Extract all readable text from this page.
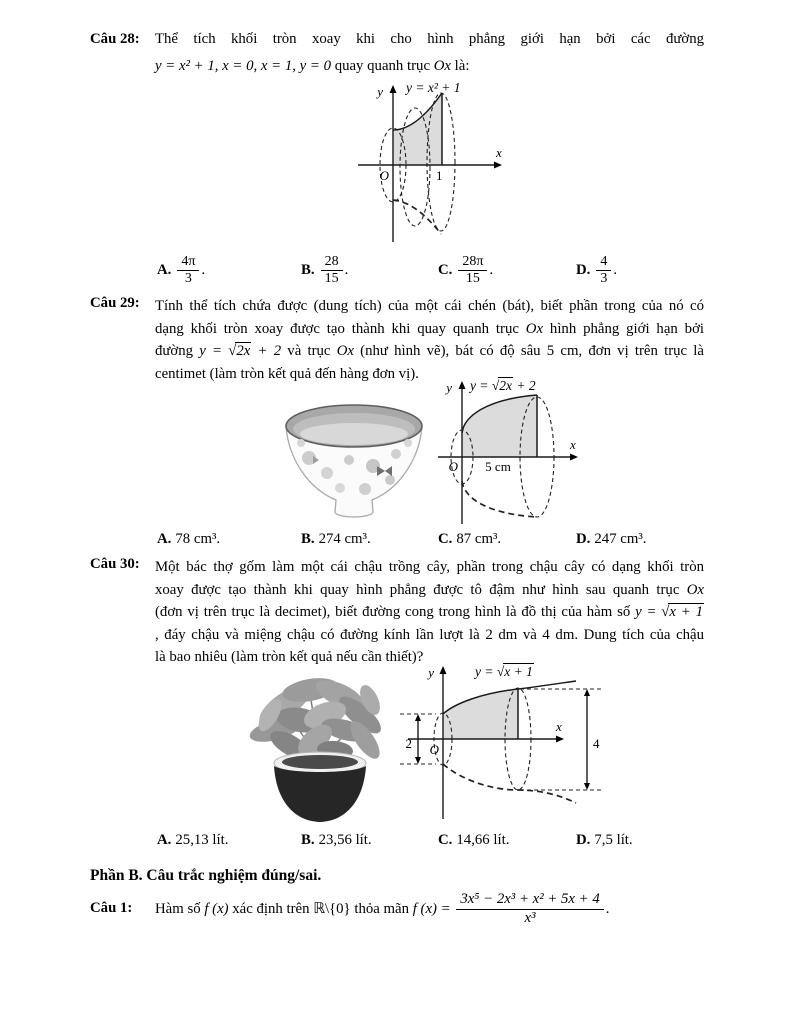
Câu 28: Thể tích khối tròn xoay khi cho hình phẳng giới hạn bởi các đường
y = x² + 1, x = 0, x = 1, y = 0 quay quanh trục Ox là:
y
x
O	1
y = x² + 1
A. $\frac{4\pi}{3}$ .	B. $\frac{28}{15}$ .	C. $\frac{28\pi}{15}$ .	D. $\frac{4}{3}$ .
Câu 29: Tính thể tích chứa được (dung tích) của một cái chén (bát), biết phần trong của nó có
dạng khối tròn xoay được tạo thành khi quay quanh trục Ox hình phẳng giới hạn bởi
đường y = √2x + 2 và trục Ox (như hình vẽ), bát có độ sâu 5 cm, đơn vị trên trục là
centimet (làm tròn kết quả đến hàng đơn vị).
y
x
O 5 cm
y = √2x + 2
A. 78 cm³.	B. 274 cm³.	C. 87 cm³.	D. 247 cm³.
Câu 30: Một bác thợ gốm làm một cái chậu trồng cây, phần trong chậu cây có dạng khối tròn
xoay được tạo thành khi quay hình phẳng được tô đậm như hình sau quanh trục Ox
(đơn vị trên trục là decimet), biết đường cong trong hình là đồ thị của hàm số y = √x + 1
, đáy chậu và miệng chậu có đường kính lần lượt là 2 dm và 4 dm. Dung tích của chậu
là bao nhiêu (làm tròn kết quả nếu cần thiết)?
y
x
O
2	4
y = √x + 1
A. 25,13 lít.	B. 23,56 lít.	C. 14,66 lít.	D. 7,5 lít.
Phần B. Câu trắc nghiệm đúng/sai.
Câu 1: Hàm số f (x) xác định trên ℝ\{0} thỏa mãn f $(x) = \frac{\text{3x⁵ − 2x³ + x² + 5x + 4}}{\text{x³}}$ .
